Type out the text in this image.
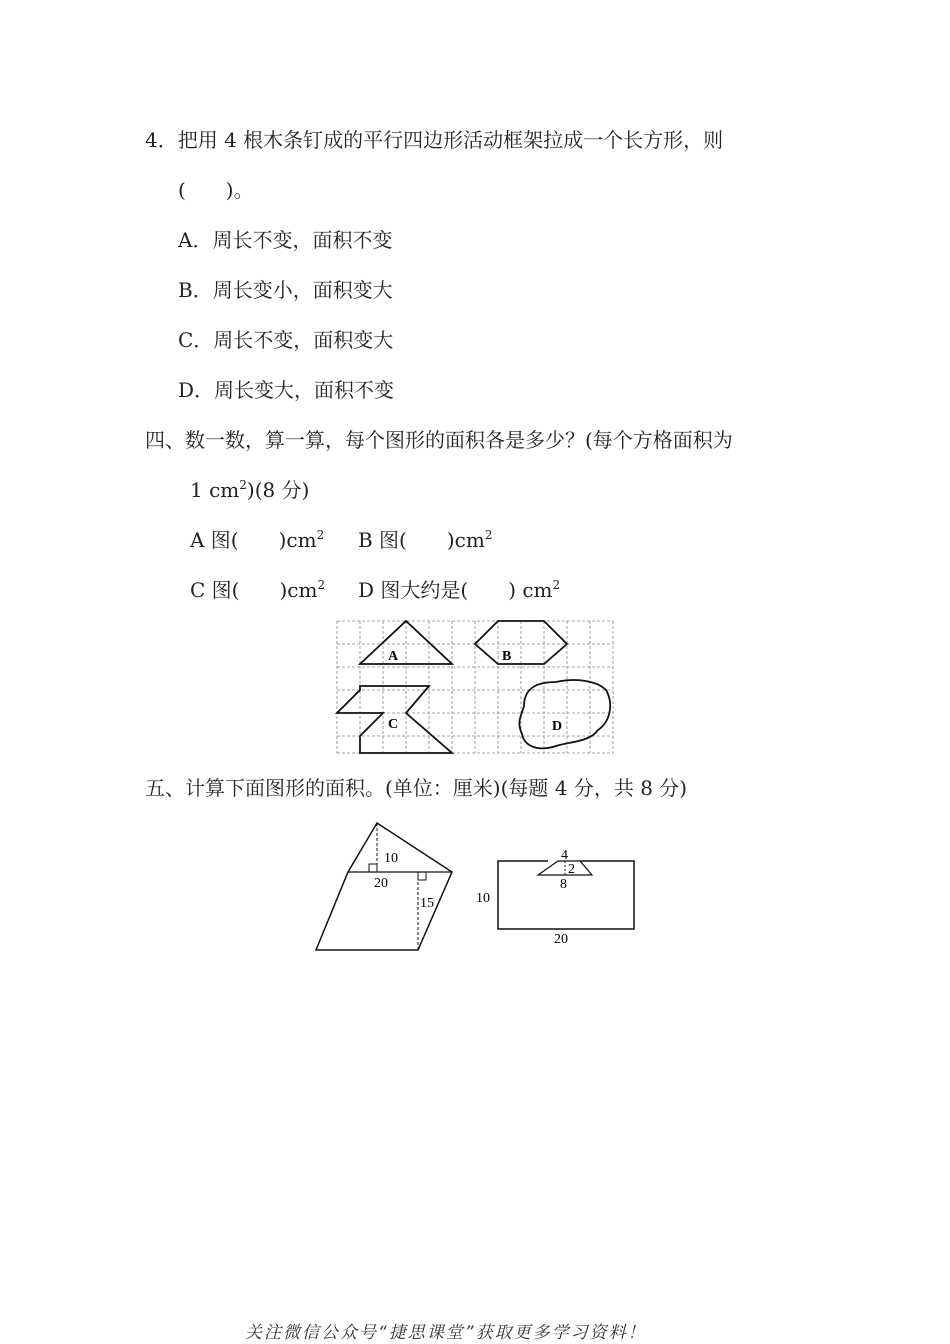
4．把用 4 根木条钉成的平行四边形活动框架拉成一个长方形，则
(　　)。
A．周长不变，面积不变
B．周长变小，面积变大
C．周长不变，面积变大
D．周长变大，面积不变
四、数一数，算一算，每个图形的面积各是多少？(每个方格面积为
1 $cm^2)(8$ 分)
A 图(　　)$cm^2$ B 图(　　)$cm^2$
C 图(　　)$cm^2$ D 图大约是(　　) $cm^2$
A	B
C	D
五、计算下面图形的面积。(单位：厘米)(每题 4 分，共 8 分)
10
20
15
4
2
8
10
20
关注微信公众号“捷思课堂”获取更多学习资料！
